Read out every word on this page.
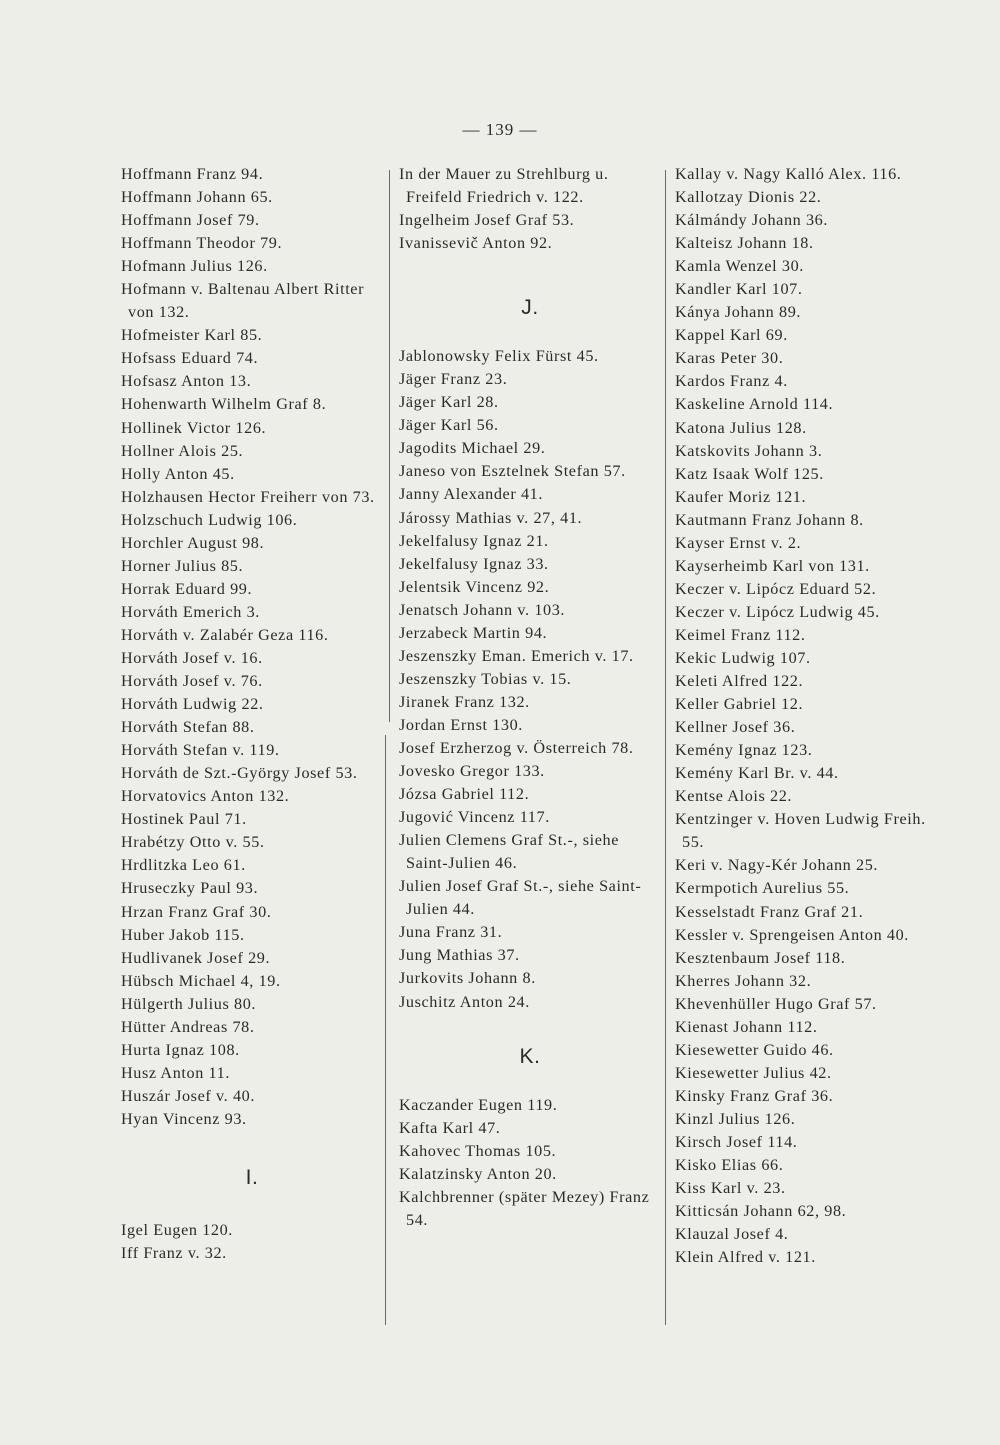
— 139 —
Hoffmann Franz 94.
Hoffmann Johann 65.
Hoffmann Josef 79.
Hoffmann Theodor 79.
Hofmann Julius 126.
Hofmann v. Baltenau Albert Ritter von 132.
Hofmeister Karl 85.
Hofsass Eduard 74.
Hofsasz Anton 13.
Hohenwarth Wilhelm Graf 8.
Hollinek Victor 126.
Hollner Alois 25.
Holly Anton 45.
Holzhausen Hector Freiherr von 73.
Holzschuch Ludwig 106.
Horchler August 98.
Horner Julius 85.
Horrak Eduard 99.
Horváth Emerich 3.
Horváth v. Zalabér Geza 116.
Horváth Josef v. 16.
Horváth Josef v. 76.
Horváth Ludwig 22.
Horváth Stefan 88.
Horváth Stefan v. 119.
Horváth de Szt.-György Josef 53.
Horvatovics Anton 132.
Hostinek Paul 71.
Hrabétzy Otto v. 55.
Hrdlitzka Leo 61.
Hruseczky Paul 93.
Hrzan Franz Graf 30.
Huber Jakob 115.
Hudlivanek Josef 29.
Hübsch Michael 4, 19.
Hülgerth Julius 80.
Hütter Andreas 78.
Hurta Ignaz 108.
Husz Anton 11.
Huszár Josef v. 40.
Hyan Vincenz 93.
I.
Igel Eugen 120.
Iff Franz v. 32.
In der Mauer zu Strehlburg u. Freifeld Friedrich v. 122.
Ingelheim Josef Graf 53.
Ivanissevič Anton 92.
J.
Jablonowsky Felix Fürst 45.
Jäger Franz 23.
Jäger Karl 28.
Jäger Karl 56.
Jagodits Michael 29.
Janeso von Esztelnek Stefan 57.
Janny Alexander 41.
Járossy Mathias v. 27, 41.
Jekelfalusy Ignaz 21.
Jekelfalusy Ignaz 33.
Jelentsik Vincenz 92.
Jenatsch Johann v. 103.
Jerzabeck Martin 94.
Jeszenszky Eman. Emerich v. 17.
Jeszenszky Tobias v. 15.
Jiranek Franz 132.
Jordan Ernst 130.
Josef Erzherzog v. Österreich 78.
Jovesko Gregor 133.
Józsa Gabriel 112.
Jugović Vincenz 117.
Julien Clemens Graf St.-, siehe Saint-Julien 46.
Julien Josef Graf St.-, siehe Saint-Julien 44.
Juna Franz 31.
Jung Mathias 37.
Jurkovits Johann 8.
Juschitz Anton 24.
K.
Kaczander Eugen 119.
Kafta Karl 47.
Kahovec Thomas 105.
Kalatzinsky Anton 20.
Kalchbrenner (später Mezey) Franz 54.
Kallay v. Nagy Kalló Alex. 116.
Kallotzay Dionis 22.
Kálmándy Johann 36.
Kalteisz Johann 18.
Kamla Wenzel 30.
Kandler Karl 107.
Kánya Johann 89.
Kappel Karl 69.
Karas Peter 30.
Kardos Franz 4.
Kaskeline Arnold 114.
Katona Julius 128.
Katskovits Johann 3.
Katz Isaak Wolf 125.
Kaufer Moriz 121.
Kautmann Franz Johann 8.
Kayser Ernst v. 2.
Kayserheimb Karl von 131.
Keczer v. Lipócz Eduard 52.
Keczer v. Lipócz Ludwig 45.
Keimel Franz 112.
Kekic Ludwig 107.
Keleti Alfred 122.
Keller Gabriel 12.
Kellner Josef 36.
Kemény Ignaz 123.
Kemény Karl Br. v. 44.
Kentse Alois 22.
Kentzinger v. Hoven Ludwig Freih. 55.
Keri v. Nagy-Kér Johann 25.
Kermpotich Aurelius 55.
Kesselstadt Franz Graf 21.
Kessler v. Sprengeisen Anton 40.
Kesztenbaum Josef 118.
Kherres Johann 32.
Khevenhüller Hugo Graf 57.
Kienast Johann 112.
Kiesewetter Guido 46.
Kiesewetter Julius 42.
Kinsky Franz Graf 36.
Kinzl Julius 126.
Kirsch Josef 114.
Kisko Elias 66.
Kiss Karl v. 23.
Kitticsán Johann 62, 98.
Klauzal Josef 4.
Klein Alfred v. 121.
